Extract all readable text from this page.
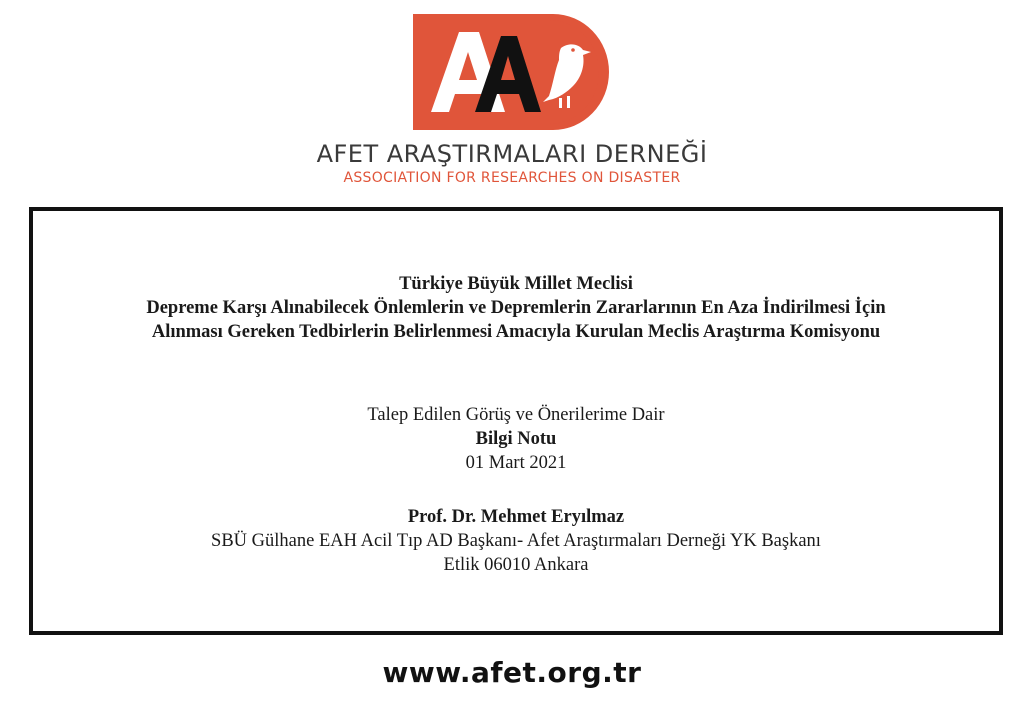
AFET ARAŞTIRMALARI DERNEĞİ
ASSOCIATION FOR RESEARCHES ON DISASTER
Türkiye Büyük Millet Meclisi
Depreme Karşı Alınabilecek Önlemlerin ve Depremlerin Zararlarının En Aza İndirilmesi İçin
Alınması Gereken Tedbirlerin Belirlenmesi Amacıyla Kurulan Meclis Araştırma Komisyonu
Talep Edilen Görüş ve Önerilerime Dair
Bilgi Notu
01 Mart 2021
Prof. Dr. Mehmet Eryılmaz
SBÜ Gülhane EAH Acil Tıp AD Başkanı- Afet Araştırmaları Derneği YK Başkanı
Etlik 06010 Ankara
www.afet.org.tr
